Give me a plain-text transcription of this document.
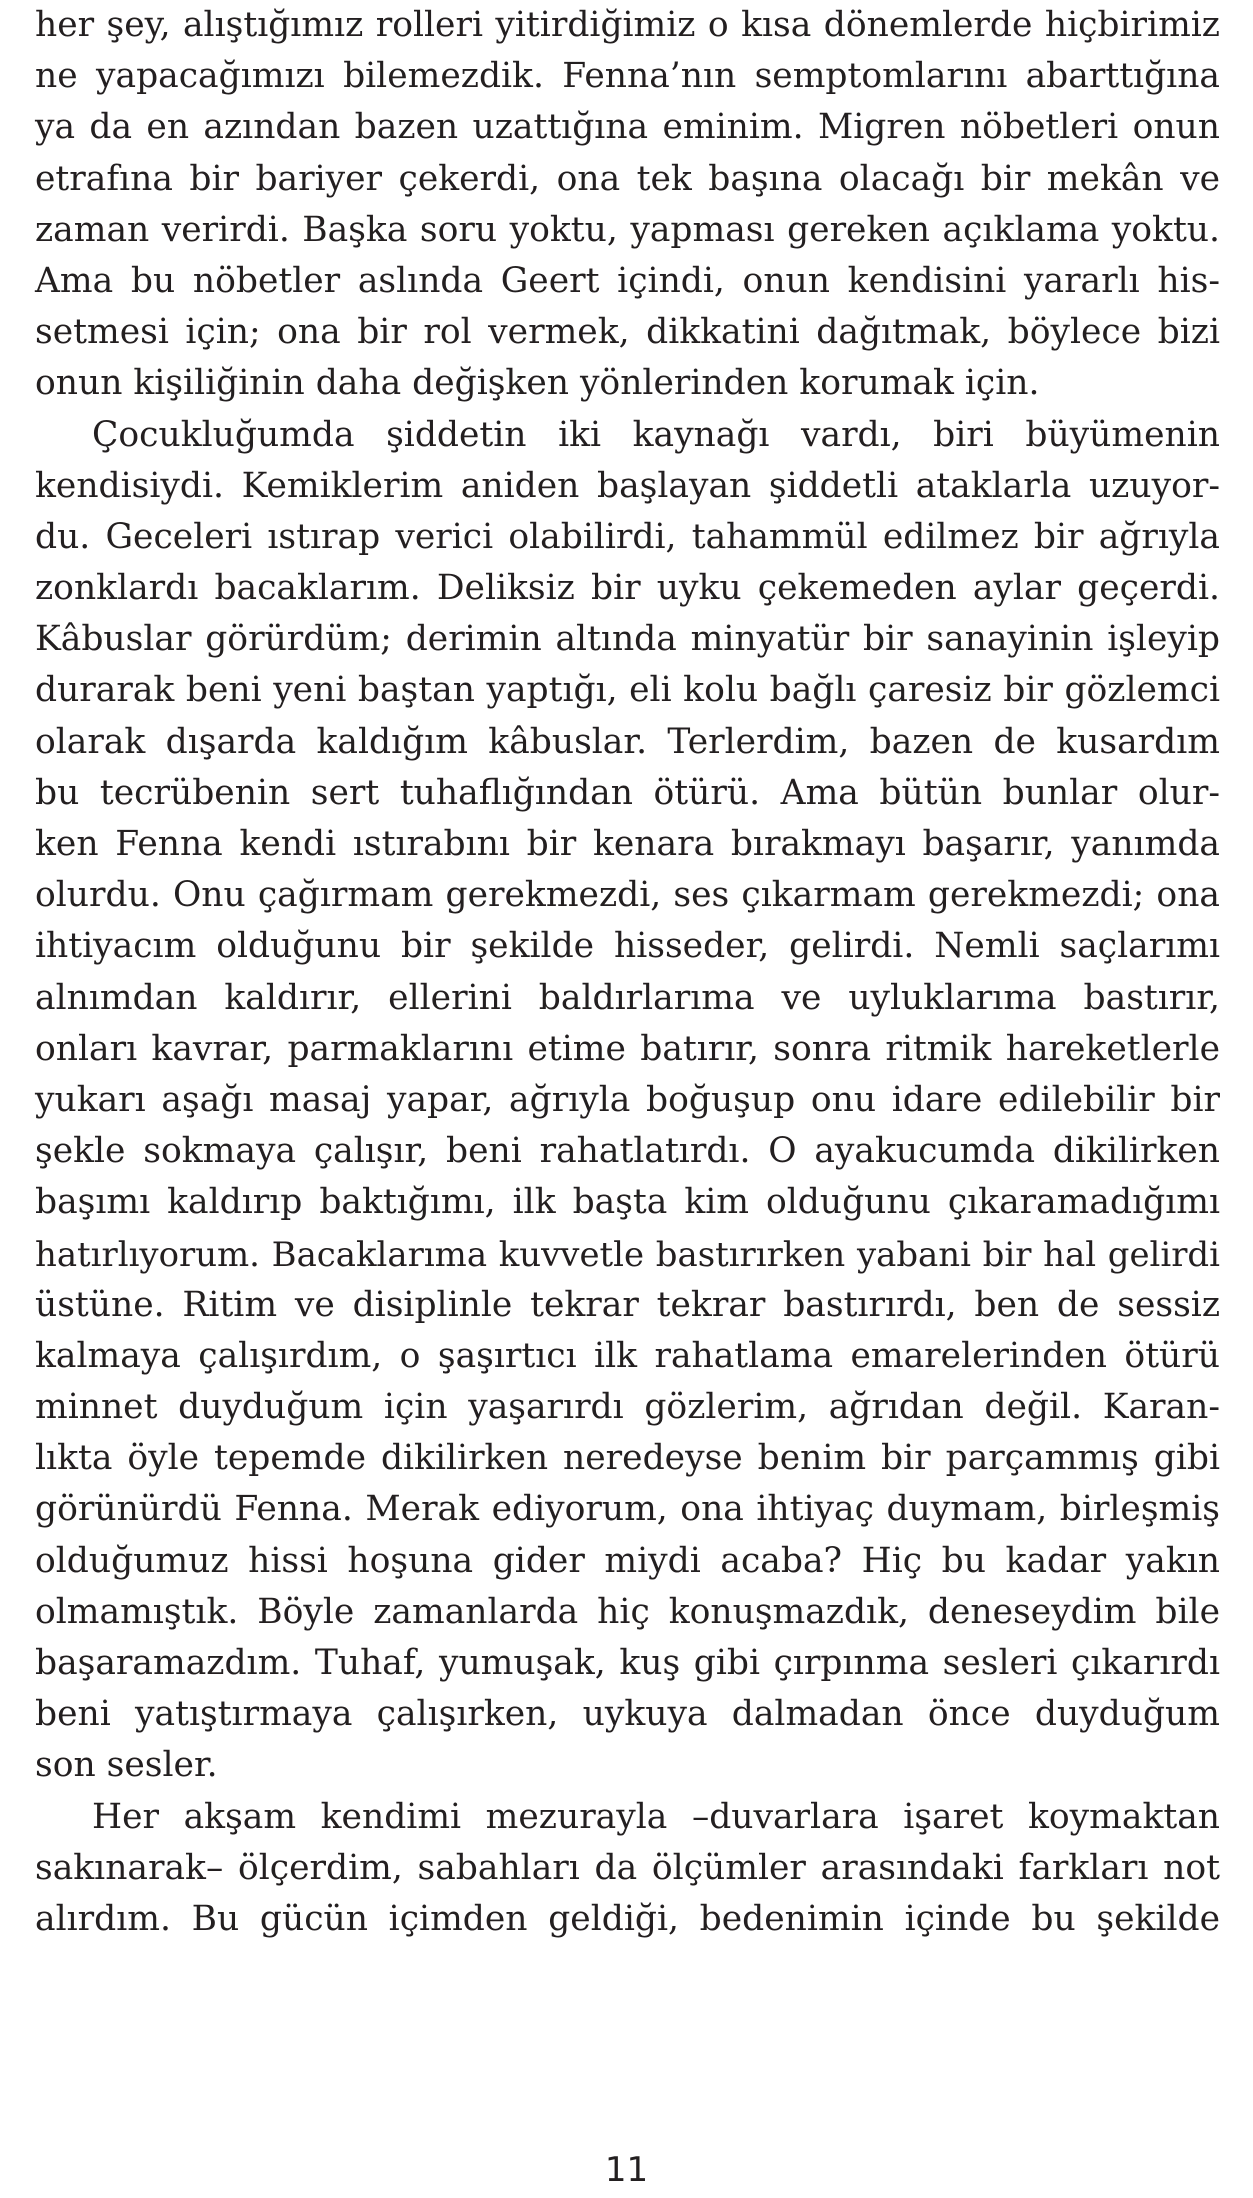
her şey, alıştığımız rolleri yitirdiğimiz o kısa dönemlerde hiçbirimiz
ne yapacağımızı bilemezdik. Fenna’nın semptomlarını abarttığına
ya da en azından bazen uzattığına eminim. Migren nöbetleri onun
etrafına bir bariyer çekerdi, ona tek başına olacağı bir mekân ve
zaman verirdi. Başka soru yoktu, yapması gereken açıklama yoktu.
Ama bu nöbetler aslında Geert içindi, onun kendisini yararlı his-
setmesi için; ona bir rol vermek, dikkatini dağıtmak, böylece bizi
onun kişiliğinin daha değişken yönlerinden korumak için.
Çocukluğumda şiddetin iki kaynağı vardı, biri büyümenin
kendisiydi. Kemiklerim aniden başlayan şiddetli ataklarla uzuyor-
du. Geceleri ıstırap verici olabilirdi, tahammül edilmez bir ağrıyla
zonklardı bacaklarım. Deliksiz bir uyku çekemeden aylar geçerdi.
Kâbuslar görürdüm; derimin altında minyatür bir sanayinin işleyip
durarak beni yeni baştan yaptığı, eli kolu bağlı çaresiz bir gözlemci
olarak dışarda kaldığım kâbuslar. Terlerdim, bazen de kusardım
bu tecrübenin sert tuhaflığından ötürü. Ama bütün bunlar olur-
ken Fenna kendi ıstırabını bir kenara bırakmayı başarır, yanımda
olurdu. Onu çağırmam gerekmezdi, ses çıkarmam gerekmezdi; ona
ihtiyacım olduğunu bir şekilde hisseder, gelirdi. Nemli saçlarımı
alnımdan kaldırır, ellerini baldırlarıma ve uyluklarıma bastırır,
onları kavrar, parmaklarını etime batırır, sonra ritmik hareketlerle
yukarı aşağı masaj yapar, ağrıyla boğuşup onu idare edilebilir bir
şekle sokmaya çalışır, beni rahatlatırdı. O ayakucumda dikilirken
başımı kaldırıp baktığımı, ilk başta kim olduğunu çıkaramadığımı
hatırlıyorum. Bacaklarıma kuvvetle bastırırken yabani bir hal gelirdi
üstüne. Ritim ve disiplinle tekrar tekrar bastırırdı, ben de sessiz
kalmaya çalışırdım, o şaşırtıcı ilk rahatlama emarelerinden ötürü
minnet duyduğum için yaşarırdı gözlerim, ağrıdan değil. Karan-
lıkta öyle tepemde dikilirken neredeyse benim bir parçammış gibi
görünürdü Fenna. Merak ediyorum, ona ihtiyaç duymam, birleşmiş
olduğumuz hissi hoşuna gider miydi acaba? Hiç bu kadar yakın
olmamıştık. Böyle zamanlarda hiç konuşmazdık, deneseydim bile
başaramazdım. Tuhaf, yumuşak, kuş gibi çırpınma sesleri çıkarırdı
beni yatıştırmaya çalışırken, uykuya dalmadan önce duyduğum
son sesler.
Her akşam kendimi mezurayla –duvarlara işaret koymaktan
sakınarak– ölçerdim, sabahları da ölçümler arasındaki farkları not
alırdım. Bu gücün içimden geldiği, bedenimin içinde bu şekilde
11
